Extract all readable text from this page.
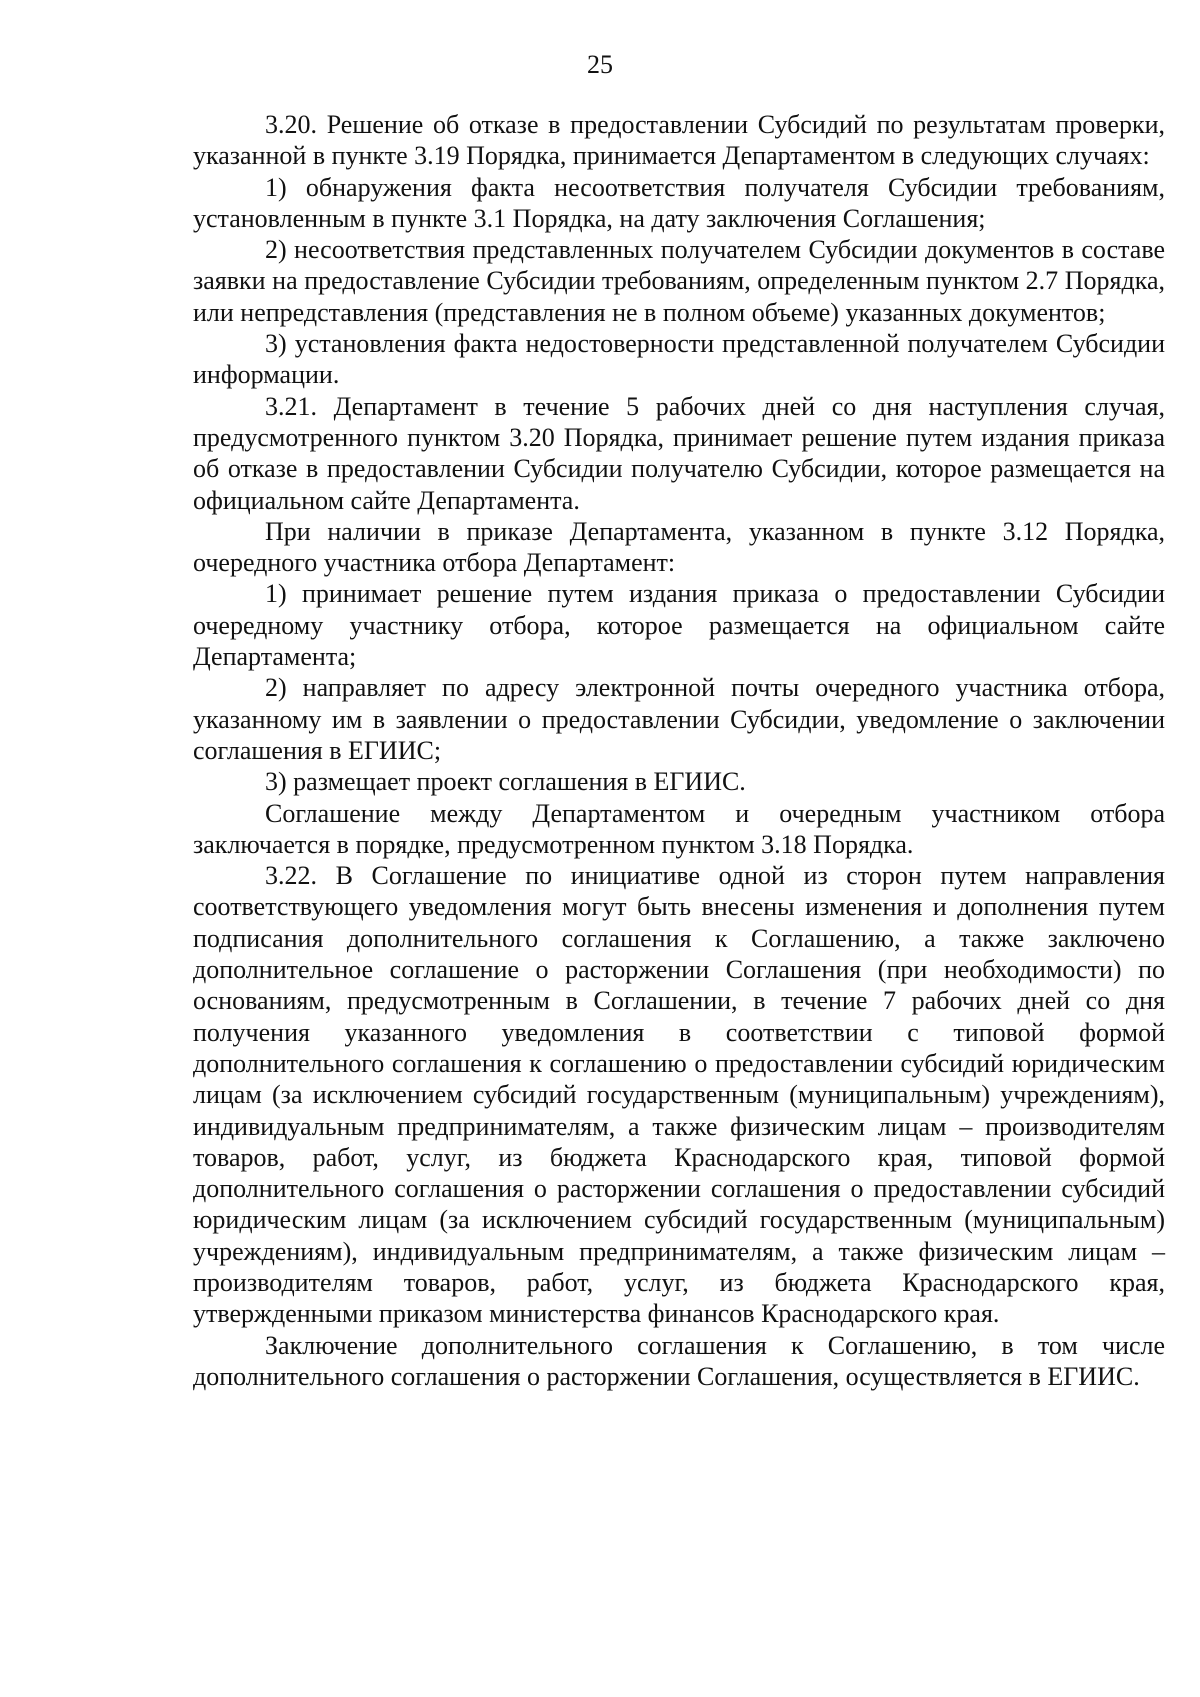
25

3.20. Решение об отказе в предоставлении Субсидий по результатам проверки, указанной в пункте 3.19 Порядка, принимается Департаментом в следующих случаях:

1) обнаружения факта несоответствия получателя Субсидии требованиям, установленным в пункте 3.1 Порядка, на дату заключения Соглашения;

2) несоответствия представленных получателем Субсидии документов в составе заявки на предоставление Субсидии требованиям, определенным пунктом 2.7 Порядка, или непредставления (представления не в полном объеме) указанных документов;

3) установления факта недостоверности представленной получателем Субсидии информации.

3.21. Департамент в течение 5 рабочих дней со дня наступления случая, предусмотренного пунктом 3.20 Порядка, принимает решение путем издания приказа об отказе в предоставлении Субсидии получателю Субсидии, которое размещается на официальном сайте Департамента.

При наличии в приказе Департамента, указанном в пункте 3.12 Порядка, очередного участника отбора Департамент:

1) принимает решение путем издания приказа о предоставлении Субсидии очередному участнику отбора, которое размещается на официальном сайте Департамента;

2) направляет по адресу электронной почты очередного участника отбора, указанному им в заявлении о предоставлении Субсидии, уведомление о заключении соглашения в ЕГИИС;

3) размещает проект соглашения в ЕГИИС.

Соглашение между Департаментом и очередным участником отбора заключается в порядке, предусмотренном пунктом 3.18 Порядка.

3.22. В Соглашение по инициативе одной из сторон путем направления соответствующего уведомления могут быть внесены изменения и дополнения путем подписания дополнительного соглашения к Соглашению, а также заключено дополнительное соглашение о расторжении Соглашения (при необходимости) по основаниям, предусмотренным в Соглашении, в течение 7 рабочих дней со дня получения указанного уведомления в соответствии с типовой формой дополнительного соглашения к соглашению о предоставлении субсидий юридическим лицам (за исключением субсидий государственным (муниципальным) учреждениям), индивидуальным предпринимателям, а также физическим лицам – производителям товаров, работ, услуг, из бюджета Краснодарского края, типовой формой дополнительного соглашения о расторжении соглашения о предоставлении субсидий юридическим лицам (за исключением субсидий государственным (муниципальным) учреждениям), индивидуальным предпринимателям, а также физическим лицам – производителям товаров, работ, услуг, из бюджета Краснодарского края, утвержденными приказом министерства финансов Краснодарского края.

Заключение дополнительного соглашения к Соглашению, в том числе дополнительного соглашения о расторжении Соглашения, осуществляется в ЕГИИС.
